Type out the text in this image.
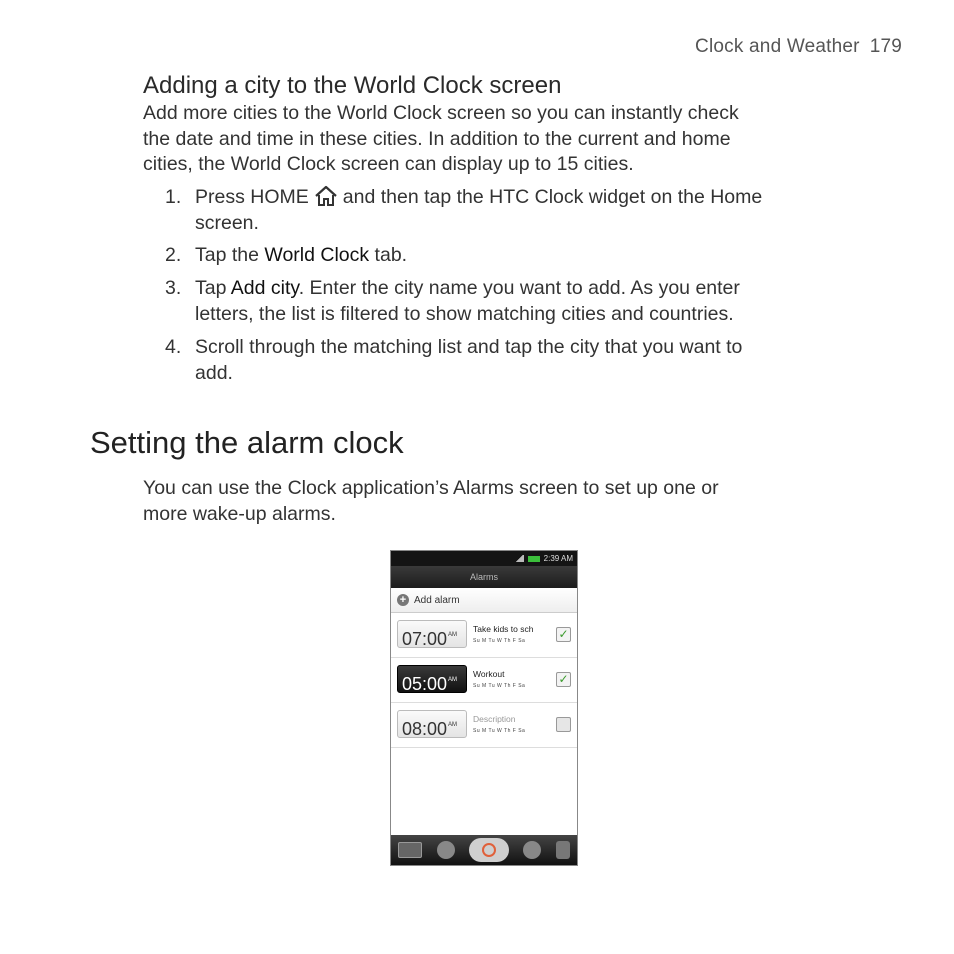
Clock and Weather 179
Adding a city to the World Clock screen
Add more cities to the World Clock screen so you can instantly check
the date and time in these cities. In addition to the current and home
cities, the World Clock screen can display up to 15 cities.
1. Press HOME and then tap the HTC Clock widget on the Home
screen.
2. Tap the World Clock tab.
3. Tap Add city. Enter the city name you want to add. As you enter
letters, the list is filtered to show matching cities and countries.
4. Scroll through the matching list and tap the city that you want to
add.
Setting the alarm clock
You can use the Clock application’s Alarms screen to set up one or
more wake-up alarms.
2:39 AM
Alarms
+ Add alarm
$07:00^{AM}$
Take kids to sch
Su M Tu W Th F Sa	✓
$05:00^{AM}$
Workout
Su M Tu W Th F Sa	✓
$08:00^{AM}$
Description
Su M Tu W Th F Sa
